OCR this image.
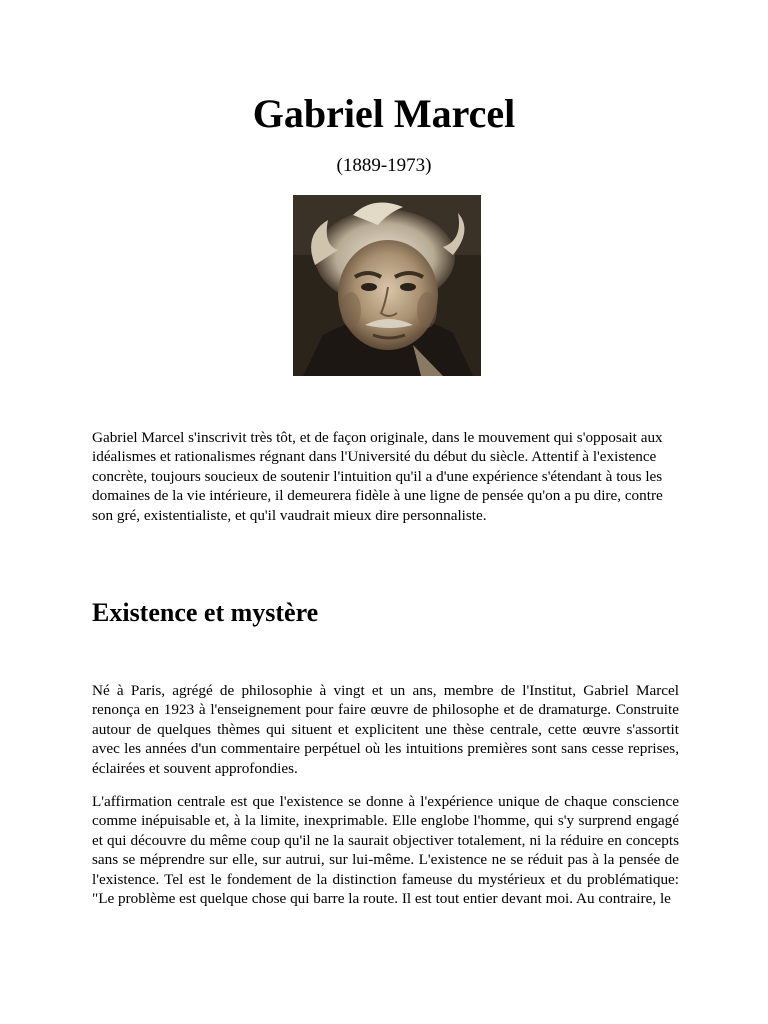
Gabriel Marcel

(1889-1973)

Gabriel Marcel s'inscrivit très tôt, et de façon originale, dans le mouvement qui s'opposait aux idéalismes et rationalismes régnant dans l'Université du début du siècle. Attentif à l'existence concrète, toujours soucieux de soutenir l'intuition qu'il a d'une expérience s'étendant à tous les domaines de la vie intérieure, il demeurera fidèle à une ligne de pensée qu'on a pu dire, contre son gré, existentialiste, et qu'il vaudrait mieux dire personnaliste.

Existence et mystère

Né à Paris, agrégé de philosophie à vingt et un ans, membre de l'Institut, Gabriel Marcel renonça en 1923 à l'enseignement pour faire œuvre de philosophe et de dramaturge. Construite autour de quelques thèmes qui situent et explicitent une thèse centrale, cette œuvre s'assortit avec les années d'un commentaire perpétuel où les intuitions premières sont sans cesse reprises, éclairées et souvent approfondies.

L'affirmation centrale est que l'existence se donne à l'expérience unique de chaque conscience comme inépuisable et, à la limite, inexprimable. Elle englobe l'homme, qui s'y surprend engagé et qui découvre du même coup qu'il ne la saurait objectiver totalement, ni la réduire en concepts sans se méprendre sur elle, sur autrui, sur lui-même. L'existence ne se réduit pas à la pensée de l'existence. Tel est le fondement de la distinction fameuse du mystérieux et du problématique: "Le problème est quelque chose qui barre la route. Il est tout entier devant moi. Au contraire, le
